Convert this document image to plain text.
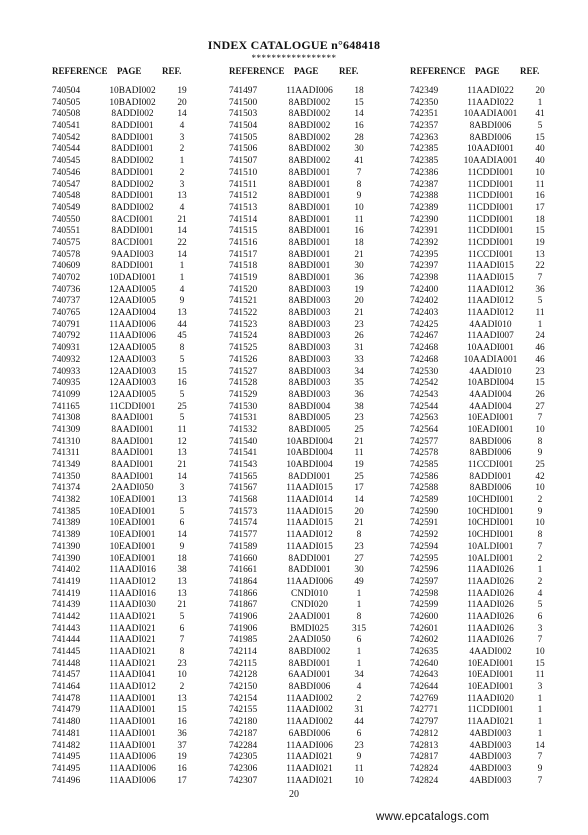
INDEX CATALOGUE n°648418
*****************
REFERENCE PAGE REF.
740504	10BADI002	19
740505	10BADI002	20
740508	8ADDI002	14
740541	8ADDI001	4
740542	8ADDI001	3
740544	8ADDI001	2
740545	8ADDI002	1
740546	8ADDI001	2
740547	8ADDI002	3
740548	8ADDI001	13
740549	8ADDI002	4
740550	8ACDI001	21
740551	8ADDI001	14
740575	8ACDI001	22
740578	9AADI003	14
740609	8ADDI001	1
740702	10DADI001	1
740736	12AADI005	4
740737	12AADI005	9
740765	12AADI004	13
740791	11AADI006	44
740792	11AADI006	45
740931	12AADI005	8
740932	12AADI003	5
740933	12AADI003	15
740935	12AADI003	16
741099	12AADI005	5
741165	11CDDI001	25
741308	8AADI001	5
741309	8AADI001	11
741310	8AADI001	12
741311	8AADI001	13
741349	8AADI001	21
741350	8AADI001	14
741374	2AADI050	3
741382	10EADI001	13
741385	10EADI001	5
741389	10EADI001	6
741389	10EADI001	14
741390	10EADI001	9
741390	10EADI001	18
741402	11AADI016	38
741419	11AADI012	13
741419	11AADI016	13
741439	11AADI030	21
741442	11AADI021	5
741443	11AADI021	6
741444	11AADI021	7
741445	11AADI021	8
741448	11AADI021	23
741457	11AADI041	10
741464	11AADI012	2
741478	11AADI001	13
741479	11AADI001	15
741480	11AADI001	16
741481	11AADI001	36
741482	11AADI001	37
741495	11AADI006	19
741495	11AADI006	16
741496	11AADI006	17
REFERENCE PAGE REF.
741497	11AADI006	18
741500	8ABDI002	15
741503	8ABDI002	14
741504	8ABDI002	16
741505	8ABDI002	28
741506	8ABDI002	30
741507	8ABDI002	41
741510	8ABDI001	7
741511	8ABDI001	8
741512	8ABDI001	9
741513	8ABDI001	10
741514	8ABDI001	11
741515	8ABDI001	16
741516	8ABDI001	18
741517	8ABDI001	21
741518	8ABDI001	30
741519	8ABDI001	36
741520	8ABDI003	19
741521	8ABDI003	20
741522	8ABDI003	21
741523	8ABDI003	23
741524	8ABDI003	26
741525	8ABDI003	31
741526	8ABDI003	33
741527	8ABDI003	34
741528	8ABDI003	35
741529	8ABDI003	36
741530	8ABDI004	38
741531	8ABDI005	23
741532	8ABDI005	25
741540	10ABDI004	21
741541	10ABDI004	11
741543	10ABDI004	19
741565	8ADDI001	25
741567	11AADI015	17
741568	11AADI014	14
741573	11AADI015	20
741574	11AADI015	21
741577	11AADI012	8
741589	11AADI015	23
741660	8ADDI001	27
741661	8ADDI001	30
741864	11AADI006	49
741866	CNDI010	1
741867	CNDI020	1
741906	2AADI001	8
741906	BMDI025	315
741985	2AADI050	6
742114	8ABDI002	1
742115	8ABDI001	1
742128	6AADI001	34
742150	8ABDI006	4
742154	11AADI002	2
742155	11AADI002	31
742180	11AADI002	44
742187	6ABDI006	6
742284	11AADI006	23
742305	11AADI021	9
742306	11AADI021	11
742307	11AADI021	10
REFERENCE PAGE REF.
742349	11AADI022	20
742350	11AADI022	1
742351	10AADIA001	41
742357	8ABDI006	5
742363	8ABDI006	15
742385	10AADI001	40
742385	10AADIA001	40
742386	11CDDI001	10
742387	11CDDI001	11
742388	11CDDI001	16
742389	11CDDI001	17
742390	11CDDI001	18
742391	11CDDI001	15
742392	11CDDI001	19
742395	11CCDI001	13
742397	11AADI015	22
742398	11AADI015	7
742400	11AADI012	36
742402	11AADI012	5
742403	11AADI012	11
742425	4AADI010	1
742467	11AADI007	24
742468	10AADI001	46
742468	10AADIA001	46
742530	4AADI010	23
742542	10ABDI004	15
742543	4AADI004	26
742544	4AADI004	27
742563	10EADI001	7
742564	10EADI001	10
742577	8ABDI006	8
742578	8ABDI006	9
742585	11CCDI001	25
742586	8ADDI001	42
742588	8ABDI006	10
742589	10CHDI001	2
742590	10CHDI001	9
742591	10CHDI001	10
742592	10CHDI001	8
742594	10ALDI001	7
742595	10ALDI001	2
742596	11AADI026	1
742597	11AADI026	2
742598	11AADI026	4
742599	11AADI026	5
742600	11AADI026	6
742601	11AADI026	3
742602	11AADI026	7
742635	4AADI002	10
742640	10EADI001	15
742643	10EADI001	11
742644	10EADI001	3
742769	11AADI020	1
742771	11CDDI001	1
742797	11AADI021	1
742812	4ABDI003	1
742813	4ABDI003	14
742817	4ABDI003	7
742824	4ABDI003	9
742824	4ABDI003	7
20
www.epcatalogs.com
